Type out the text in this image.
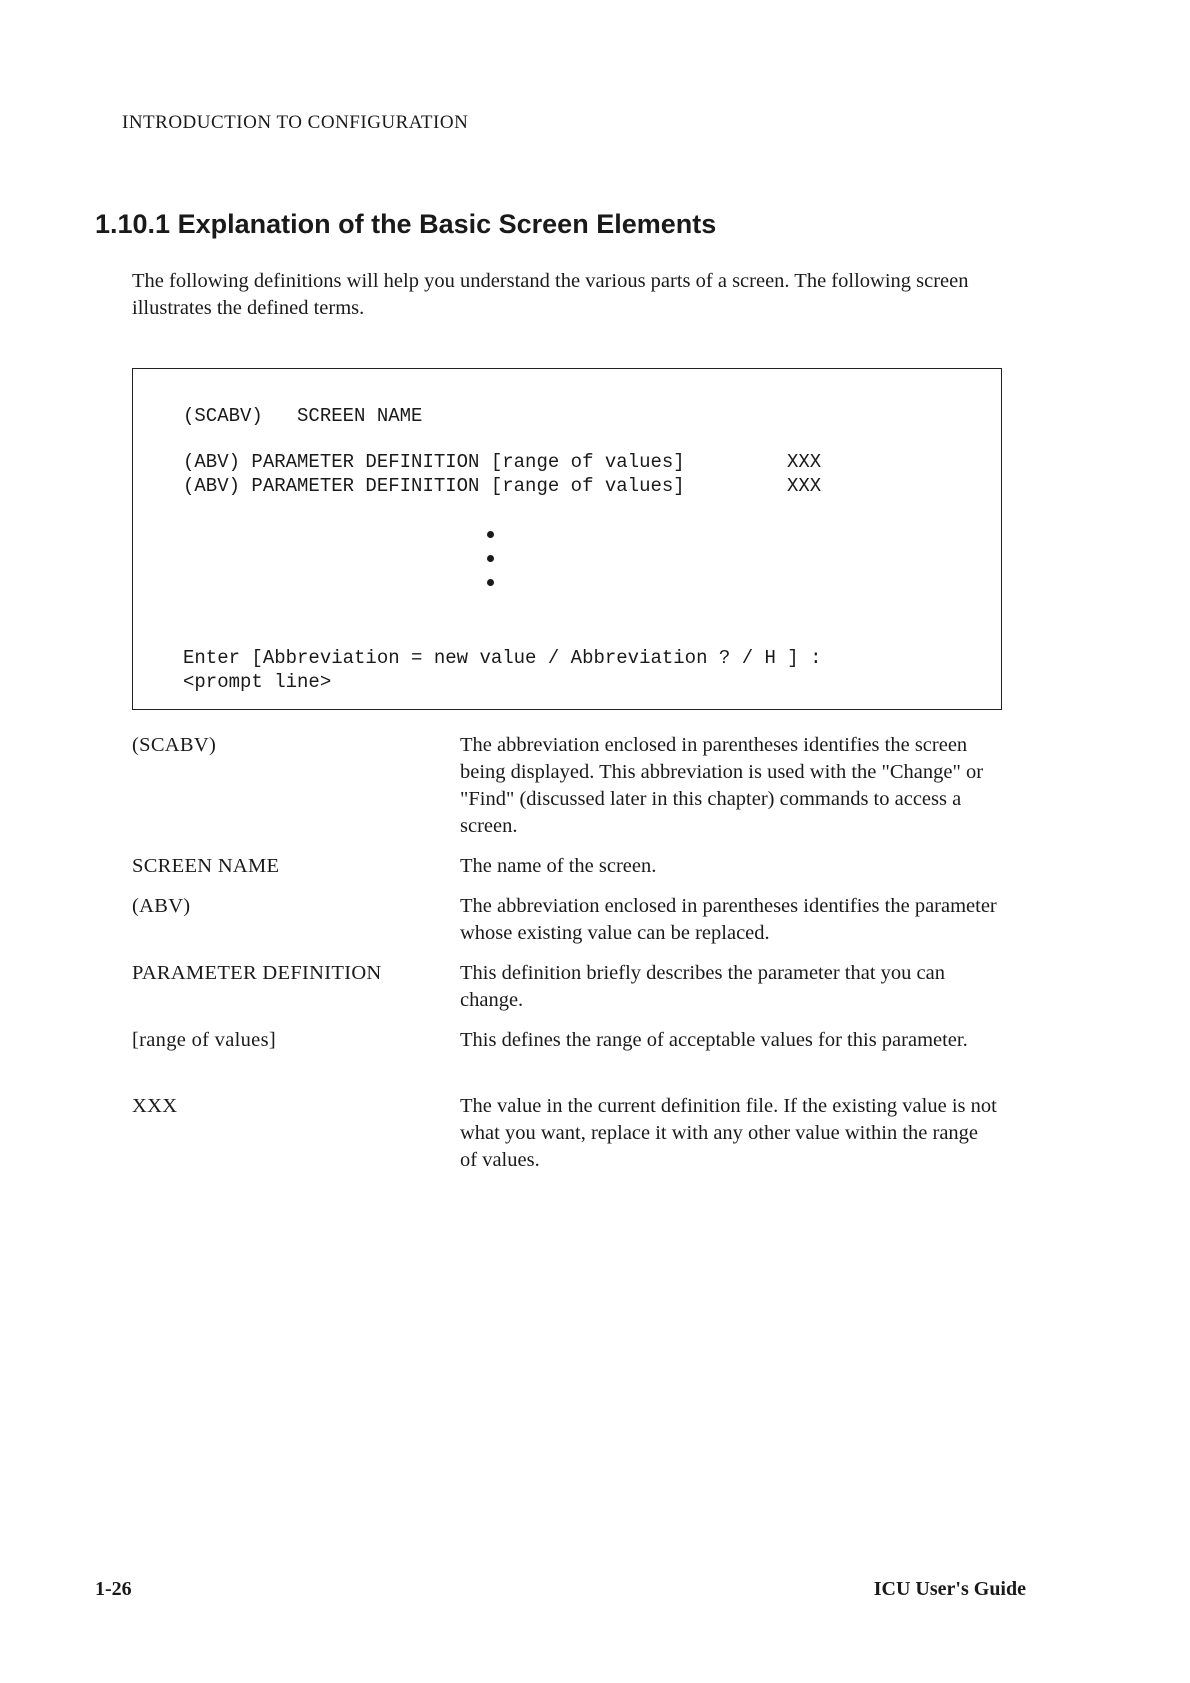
INTRODUCTION TO CONFIGURATION
1.10.1 Explanation of the Basic Screen Elements

The following definitions will help you understand the various parts of a screen. The following screen illustrates the defined terms.

(SCABV)   SCREEN NAME
(ABV) PARAMETER DEFINITION [range of values]	XXX
(ABV) PARAMETER DEFINITION [range of values]	XXX
Enter [Abbreviation = new value / Abbreviation ? / H ] :
<prompt line>
(SCABV)	The abbreviation enclosed in parentheses identifies the screen being displayed. This abbreviation is used with the "Change" or "Find" (discussed later in this chapter) commands to access a screen.
SCREEN NAME	The name of the screen.
(ABV)	The abbreviation enclosed in parentheses identifies the parameter whose existing value can be replaced.
PARAMETER DEFINITION	This definition briefly describes the parameter that you can change.
[range of values]	This defines the range of acceptable values for this parameter.
XXX	The value in the current definition file. If the existing value is not what you want, replace it with any other value within the range of values.
1-26	ICU User's Guide
